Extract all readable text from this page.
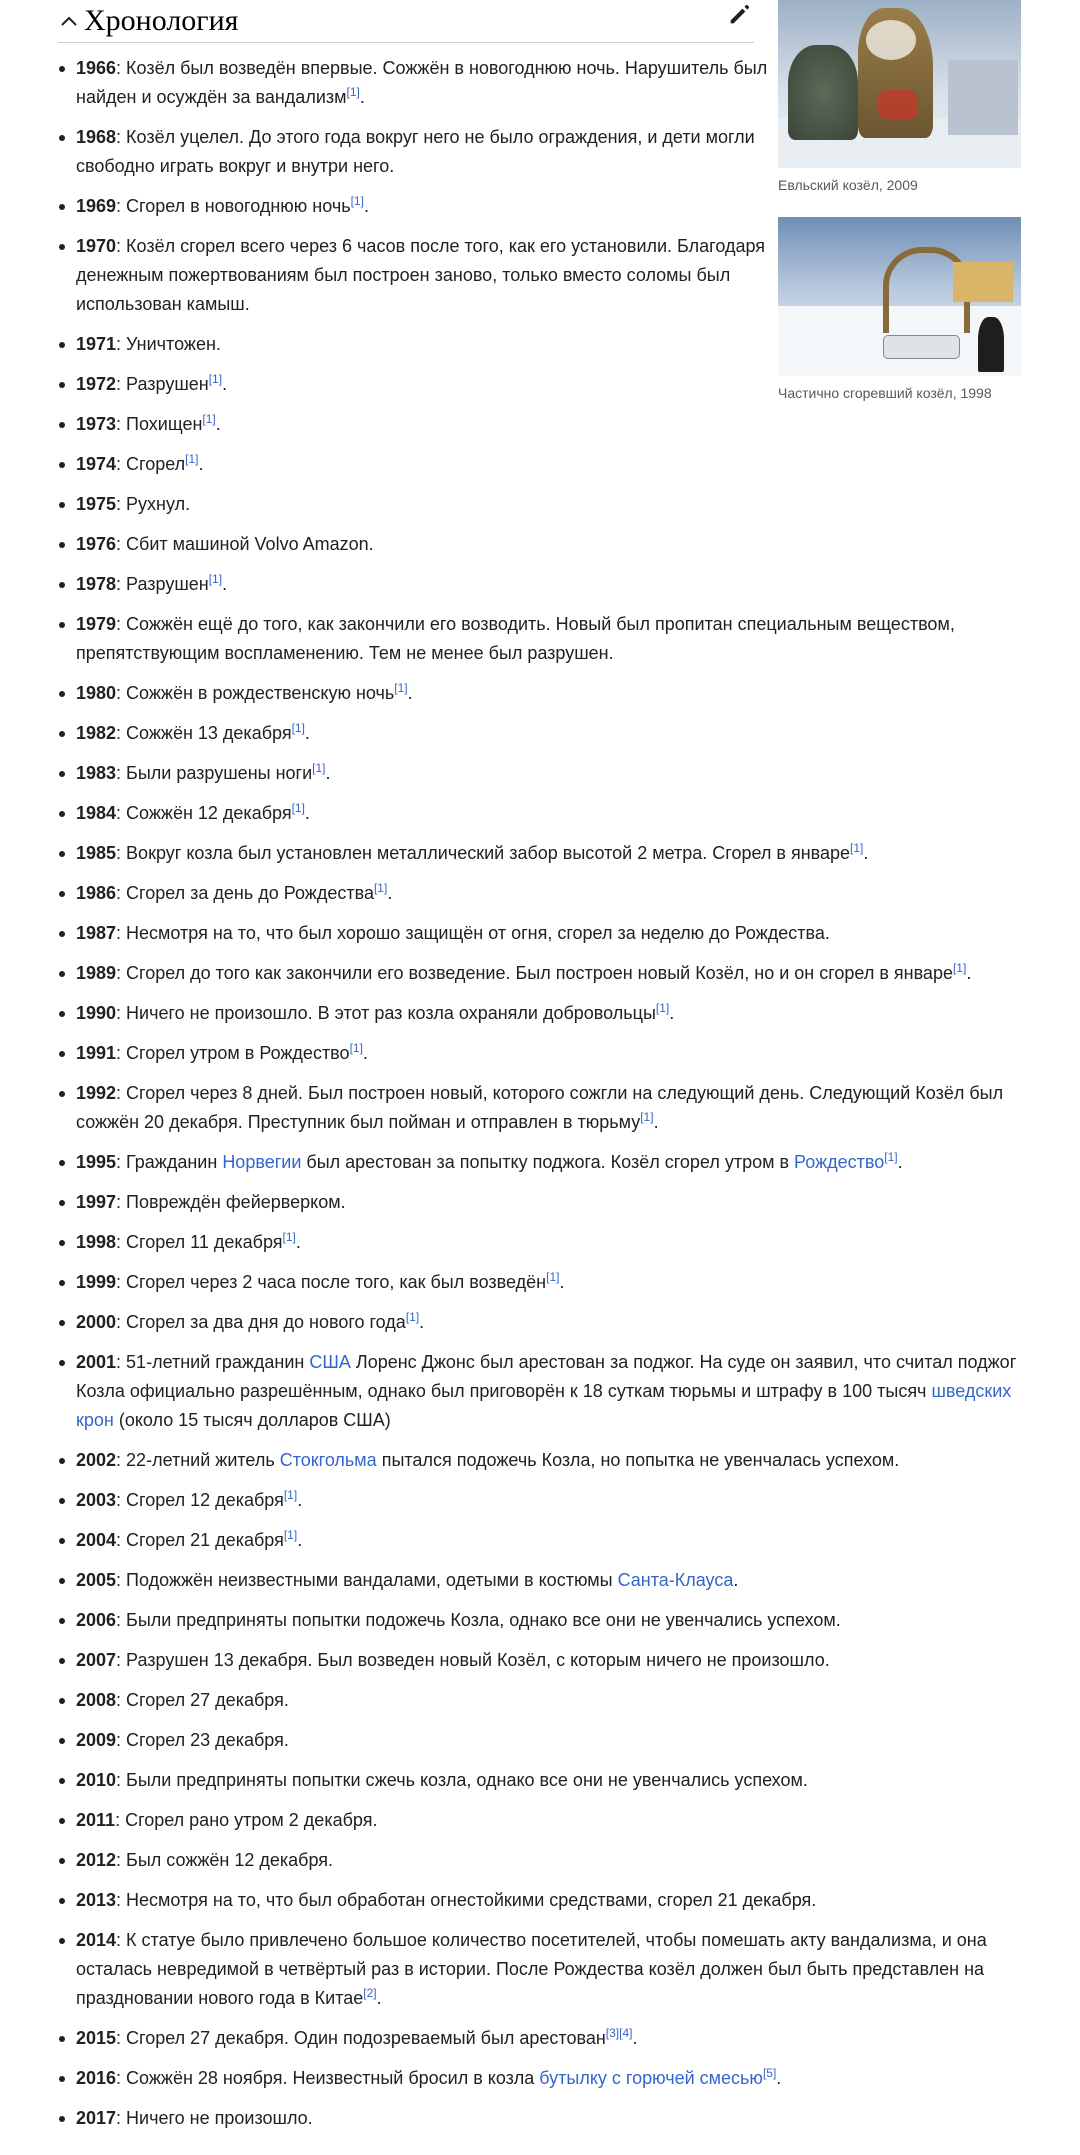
Хронология
Евльский козёл, 2009
Частично сгоревший козёл, 1998
1966: Козёл был возведён впервые. Сожжён в новогоднюю ночь. Нарушитель был найден и осуждён за вандализм[1].
1968: Козёл уцелел. До этого года вокруг него не было ограждения, и дети могли свободно играть вокруг и внутри него.
1969: Сгорел в новогоднюю ночь[1].
1970: Козёл сгорел всего через 6 часов после того, как его установили. Благодаря денежным пожертвованиям был построен заново, только вместо соломы был использован камыш.
1971: Уничтожен.
1972: Разрушен[1].
1973: Похищен[1].
1974: Сгорел[1].
1975: Рухнул.
1976: Сбит машиной Volvo Amazon.
1978: Разрушен[1].
1979: Сожжён ещё до того, как закончили его возводить. Новый был пропитан специальным веществом, препятствующим воспламенению. Тем не менее был разрушен.
1980: Сожжён в рождественскую ночь[1].
1982: Сожжён 13 декабря[1].
1983: Были разрушены ноги[1].
1984: Сожжён 12 декабря[1].
1985: Вокруг козла был установлен металлический забор высотой 2 метра. Сгорел в январе[1].
1986: Сгорел за день до Рождества[1].
1987: Несмотря на то, что был хорошо защищён от огня, сгорел за неделю до Рождества.
1989: Сгорел до того как закончили его возведение. Был построен новый Козёл, но и он сгорел в январе[1].
1990: Ничего не произошло. В этот раз козла охраняли добровольцы[1].
1991: Сгорел утром в Рождество[1].
1992: Сгорел через 8 дней. Был построен новый, которого сожгли на следующий день. Следующий Козёл был сожжён 20 декабря. Преступник был пойман и отправлен в тюрьму[1].
1995: Гражданин Норвегии был арестован за попытку поджога. Козёл сгорел утром в Рождество[1].
1997: Повреждён фейерверком.
1998: Сгорел 11 декабря[1].
1999: Сгорел через 2 часа после того, как был возведён[1].
2000: Сгорел за два дня до нового года[1].
2001: 51-летний гражданин США Лоренс Джонс был арестован за поджог. На суде он заявил, что считал поджог Козла официально разрешённым, однако был приговорён к 18 суткам тюрьмы и штрафу в 100 тысяч шведских крон (около 15 тысяч долларов США)
2002: 22-летний житель Стокгольма пытался подожечь Козла, но попытка не увенчалась успехом.
2003: Сгорел 12 декабря[1].
2004: Сгорел 21 декабря[1].
2005: Подожжён неизвестными вандалами, одетыми в костюмы Санта-Клауса.
2006: Были предприняты попытки подожечь Козла, однако все они не увенчались успехом.
2007: Разрушен 13 декабря. Был возведен новый Козёл, с которым ничего не произошло.
2008: Сгорел 27 декабря.
2009: Сгорел 23 декабря.
2010: Были предприняты попытки сжечь козла, однако все они не увенчались успехом.
2011: Сгорел рано утром 2 декабря.
2012: Был сожжён 12 декабря.
2013: Несмотря на то, что был обработан огнестойкими средствами, сгорел 21 декабря.
2014: К статуе было привлечено большое количество посетителей, чтобы помешать акту вандализма, и она осталась невредимой в четвёртый раз в истории. После Рождества козёл должен был быть представлен на праздновании нового года в Китае[2].
2015: Сгорел 27 декабря. Один подозреваемый был арестован[3][4].
2016: Сожжён 28 ноября. Неизвестный бросил в козла бутылку с горючей смесью[5].
2017: Ничего не произошло.
